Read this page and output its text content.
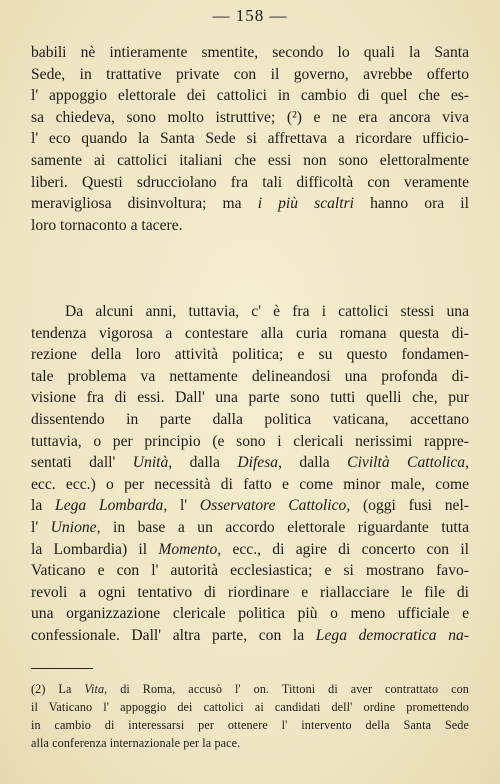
— 158 —
babili nè intieramente smentite, secondo lo quali la Santa
Sede, in trattative private con il governo, avrebbe offerto
l' appoggio elettorale dei cattolici in cambio di quel che es-
sa chiedeva, sono molto istruttive; (²) e ne era ancora viva
l' eco quando la Santa Sede si affrettava a ricordare ufficio-
samente ai cattolici italiani che essi non sono elettoralmente
liberi. Questi sdrucciolano fra tali difficoltà con veramente
meravigliosa disinvoltura; ma i più scaltri hanno ora il
loro tornaconto a tacere.
Da alcuni anni, tuttavia, c' è fra i cattolici stessi una
tendenza vigorosa a contestare alla curia romana questa di-
rezione della loro attività politica; e su questo fondamen-
tale problema va nettamente delineandosi una profonda di-
visione fra di essi. Dall' una parte sono tutti quelli che, pur
dissentendo in parte dalla politica vaticana, accettano
tuttavia, o per principio (e sono i clericali nerissimi rappre-
sentati dall' Unità, dalla Difesa, dalla Civiltà Cattolica,
ecc. ecc.) o per necessità di fatto e come minor male, come
la Lega Lombarda, l' Osservatore Cattolico, (oggi fusi nel-
l' Unione, in base a un accordo elettorale riguardante tutta
la Lombardia) il Momento, ecc., di agire di concerto con il
Vaticano e con l' autorità ecclesiastica; e si mostrano favo-
revoli a ogni tentativo di riordinare e riallacciare le file di
una organizzazione clericale politica più o meno ufficiale e
confessionale. Dall' altra parte, con la Lega democratica na-
(2) La Vita, di Roma, accusò l' on. Tittoni di aver contrattato con
il Vaticano l' appoggio dei cattolici ai candidati dell' ordine promettendo
in cambio di interessarsi per ottenere l' intervento della Santa Sede
alla conferenza internazionale per la pace.
